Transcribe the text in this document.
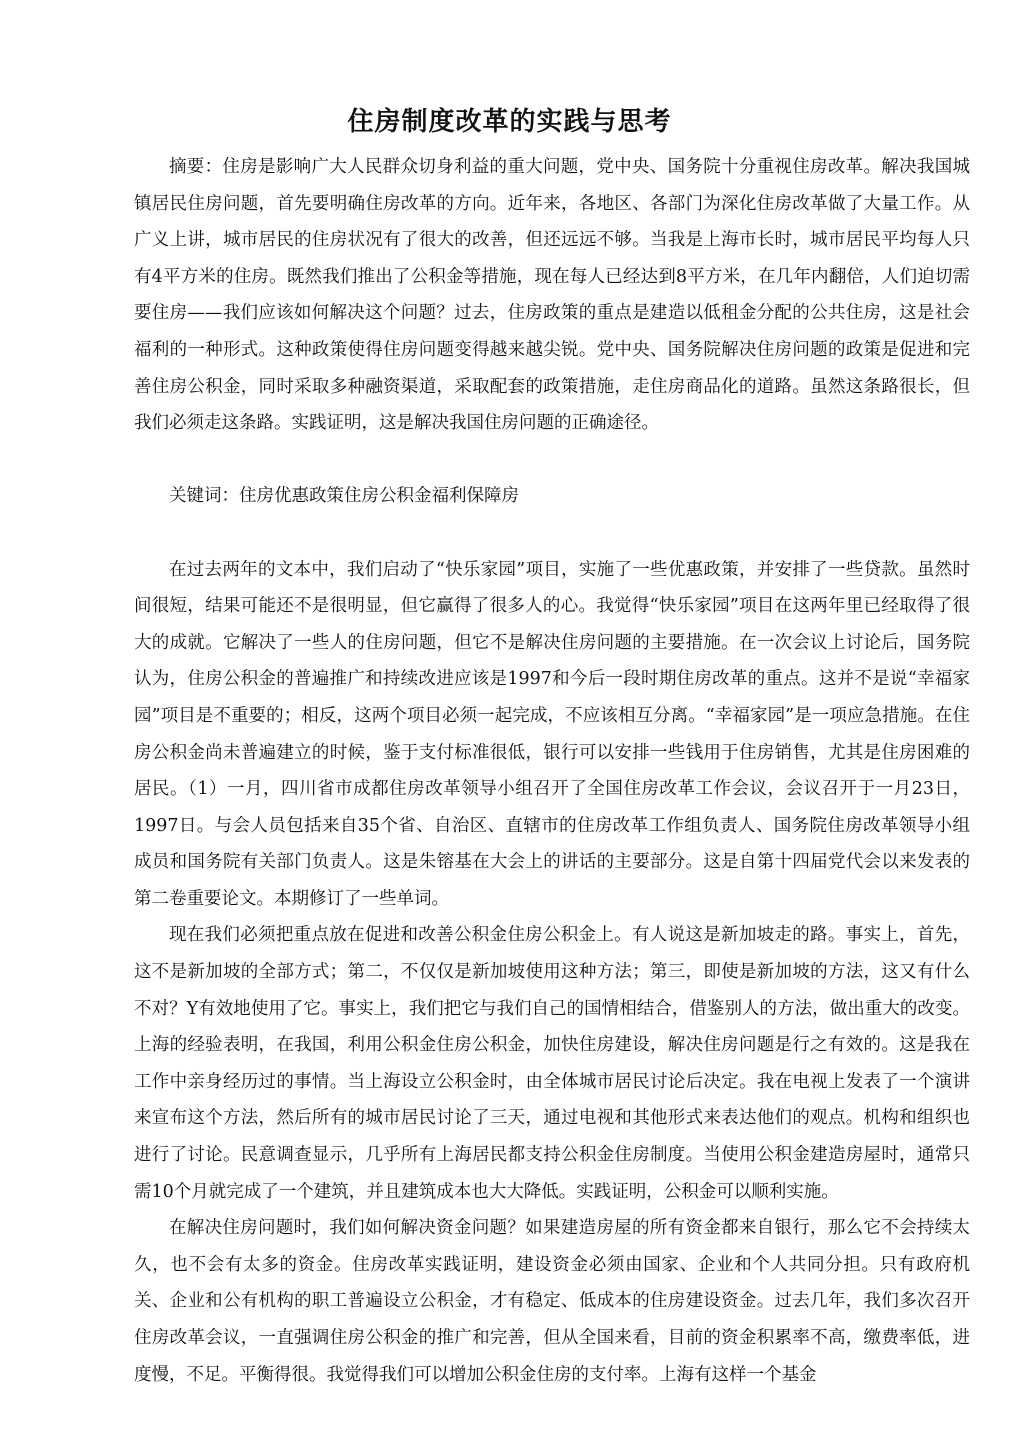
住房制度改革的实践与思考

摘要：住房是影响广大人民群众切身利益的重大问题，党中央、国务院十分重视住房改革。解决我国城镇居民住房问题，首先要明确住房改革的方向。近年来，各地区、各部门为深化住房改革做了大量工作。从广义上讲，城市居民的住房状况有了很大的改善，但还远远不够。当我是上海市长时，城市居民平均每人只有4平方米的住房。既然我们推出了公积金等措施，现在每人已经达到8平方米，在几年内翻倍，人们迫切需要住房——我们应该如何解决这个问题？过去，住房政策的重点是建造以低租金分配的公共住房，这是社会福利的一种形式。这种政策使得住房问题变得越来越尖锐。党中央、国务院解决住房问题的政策是促进和完善住房公积金，同时采取多种融资渠道，采取配套的政策措施，走住房商品化的道路。虽然这条路很长，但我们必须走这条路。实践证明，这是解决我国住房问题的正确途径。

关键词：住房优惠政策住房公积金福利保障房

在过去两年的文本中，我们启动了“快乐家园”项目，实施了一些优惠政策，并安排了一些贷款。虽然时间很短，结果可能还不是很明显，但它赢得了很多人的心。我觉得“快乐家园”项目在这两年里已经取得了很大的成就。它解决了一些人的住房问题，但它不是解决住房问题的主要措施。在一次会议上讨论后，国务院认为，住房公积金的普遍推广和持续改进应该是1997和今后一段时期住房改革的重点。这并不是说“幸福家园”项目是不重要的；相反，这两个项目必须一起完成，不应该相互分离。“幸福家园”是一项应急措施。在住房公积金尚未普遍建立的时候，鉴于支付标准很低，银行可以安排一些钱用于住房销售，尤其是住房困难的居民。（1）一月，四川省市成都住房改革领导小组召开了全国住房改革工作会议，会议召开于一月23日，1997日。与会人员包括来自35个省、自治区、直辖市的住房改革工作组负责人、国务院住房改革领导小组成员和国务院有关部门负责人。这是朱镕基在大会上的讲话的主要部分。这是自第十四届党代会以来发表的第二卷重要论文。本期修订了一些单词。

现在我们必须把重点放在促进和改善公积金住房公积金上。有人说这是新加坡走的路。事实上，首先，这不是新加坡的全部方式；第二，不仅仅是新加坡使用这种方法；第三，即使是新加坡的方法，这又有什么不对？Y有效地使用了它。事实上，我们把它与我们自己的国情相结合，借鉴别人的方法，做出重大的改变。上海的经验表明，在我国，利用公积金住房公积金，加快住房建设，解决住房问题是行之有效的。这是我在工作中亲身经历过的事情。当上海设立公积金时，由全体城市居民讨论后决定。我在电视上发表了一个演讲来宣布这个方法，然后所有的城市居民讨论了三天，通过电视和其他形式来表达他们的观点。机构和组织也进行了讨论。民意调查显示，几乎所有上海居民都支持公积金住房制度。当使用公积金建造房屋时，通常只需10个月就完成了一个建筑，并且建筑成本也大大降低。实践证明，公积金可以顺利实施。

在解决住房问题时，我们如何解决资金问题？如果建造房屋的所有资金都来自银行，那么它不会持续太久，也不会有太多的资金。住房改革实践证明，建设资金必须由国家、企业和个人共同分担。只有政府机关、企业和公有机构的职工普遍设立公积金，才有稳定、低成本的住房建设资金。过去几年，我们多次召开住房改革会议，一直强调住房公积金的推广和完善，但从全国来看，目前的资金积累率不高，缴费率低，进度慢，不足。平衡得很。我觉得我们可以增加公积金住房的支付率。上海有这样一个基金
